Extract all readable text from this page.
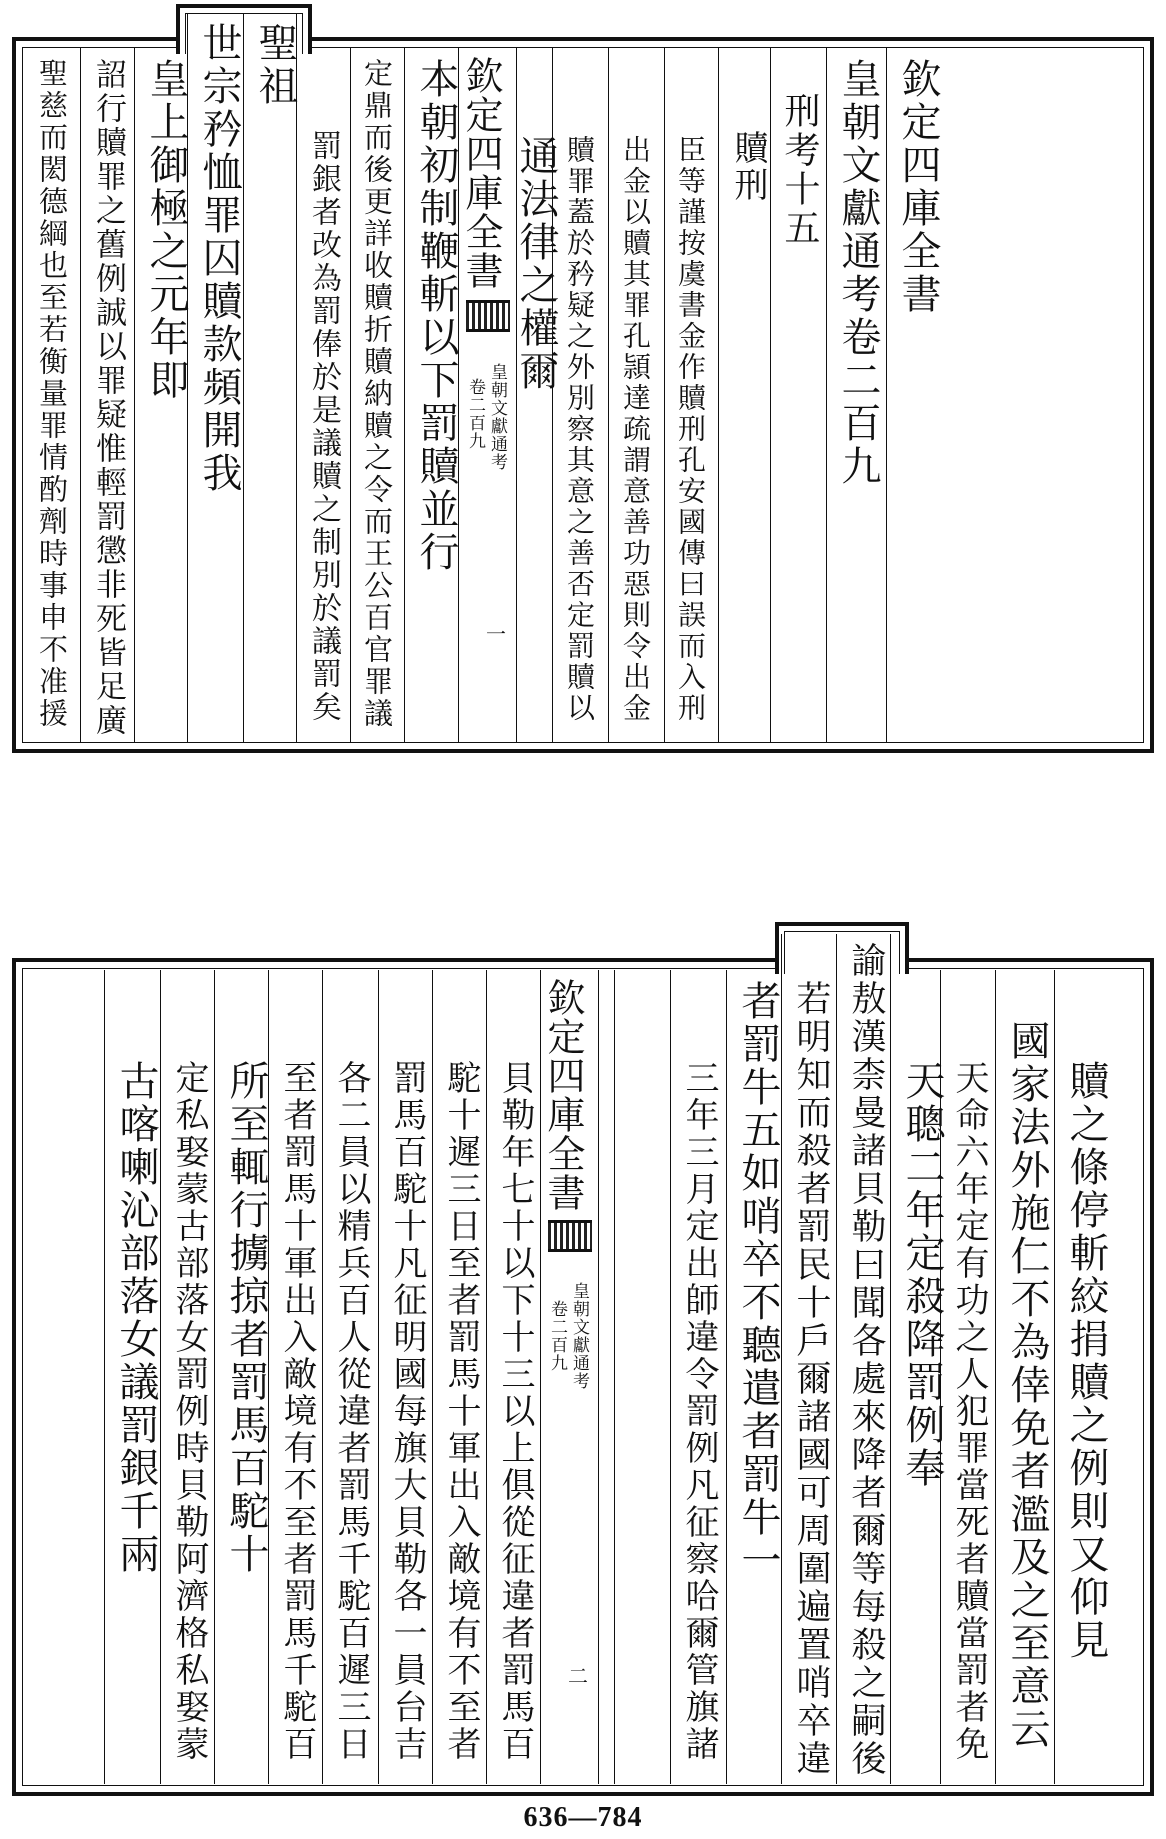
欽定四庫全書
皇朝文獻通考卷二百九
刑考十五
贖刑
臣等謹按虞書金作贖刑孔安國傳曰誤而入刑
出金以贖其罪孔頴達疏謂意善功惡則令出金
贖罪蓋於矜疑之外別察其意之善否定罰贖以
欽定四庫全書
皇朝文獻通考
卷二百九
一
通法律之權爾
本朝初制鞭斬以下罰贖並行
定鼎而後更詳收贖折贖納贖之令而王公百官罪議
罰銀者改為罰俸於是議贖之制別於議罰矣
聖祖
世宗矜恤罪囚贖款頻開我
皇上御極之元年即
詔行贖罪之舊例誠以罪疑惟輕罰懲非死皆足廣
聖慈而閎德綱也至若衡量罪情酌劑時事申不准援
贖之條停斬絞捐贖之例則又仰見
國家法外施仁不為倖免者濫及之至意云
天命六年定有功之人犯罪當死者贖當罰者免
天聰二年定殺降罰例奉
諭敖漢柰曼諸貝勒曰聞各處來降者爾等每殺之嗣後
若明知而殺者罰民十戶爾諸國可周圍遍置哨卒違
者罰牛五如哨卒不聽遣者罰牛一
三年三月定出師違令罰例凡征察哈爾管旗諸
欽定四庫全書
皇朝文獻通考
卷二百九
二
貝勒年七十以下十三以上俱從征違者罰馬百
駝十遲三日至者罰馬十軍出入敵境有不至者
罰馬百駝十凡征明國每旗大貝勒各一員台吉
各二員以精兵百人從違者罰馬千駝百遲三日
至者罰馬十軍出入敵境有不至者罰馬千駝百
所至輒行擄掠者罰馬百駝十
定私娶蒙古部落女罰例時貝勒阿濟格私娶蒙
古喀喇沁部落女議罰銀千兩
636—784
